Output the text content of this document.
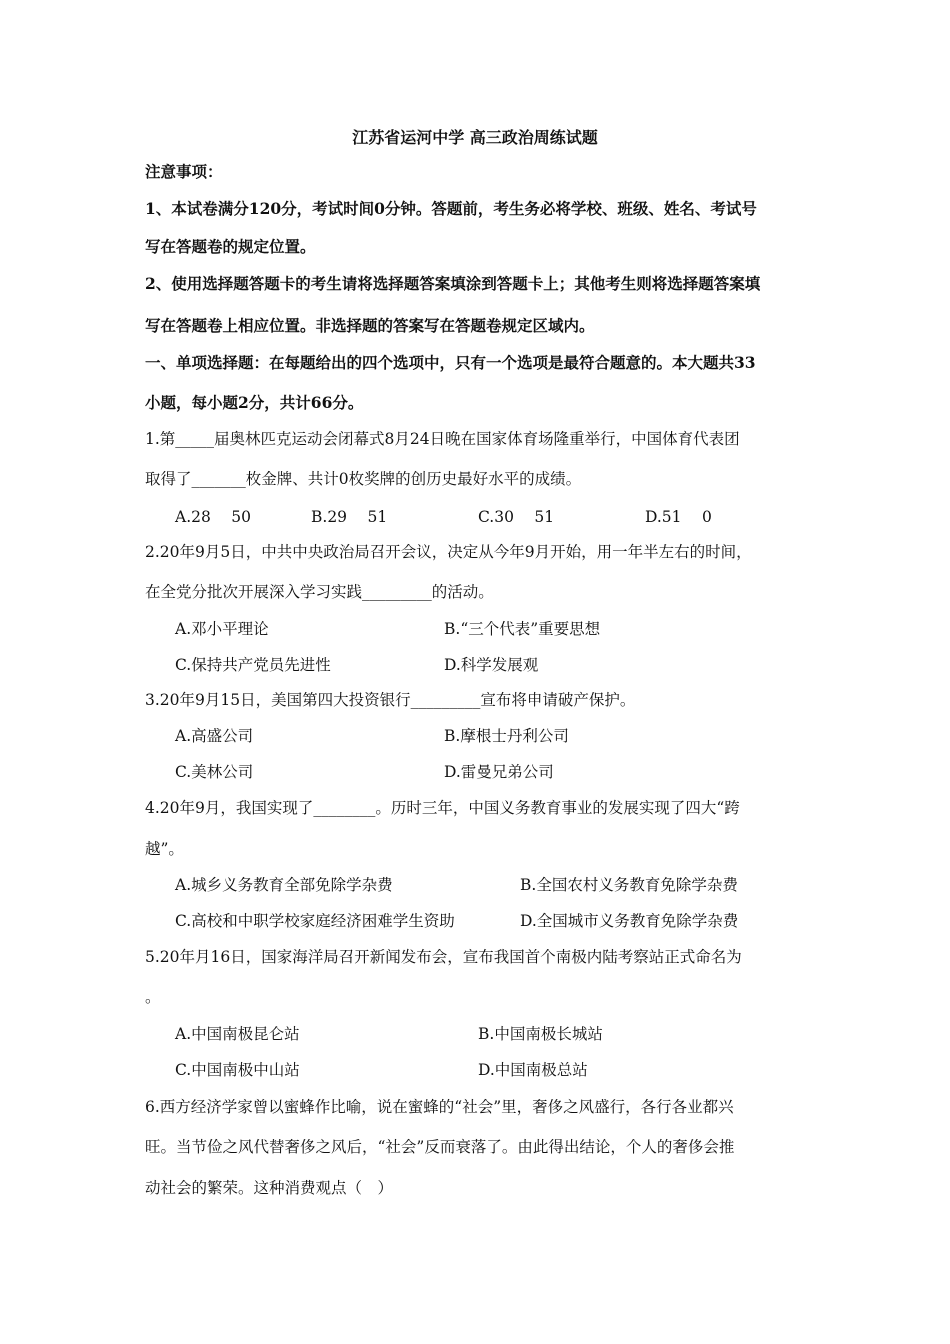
江苏省运河中学 高三政治周练试题
注意事项：
1、本试卷满分120分，考试时间0分钟。答题前，考生务必将学校、班级、姓名、考试号
写在答题卷的规定位置。
2、使用选择题答题卡的考生请将选择题答案填涂到答题卡上；其他考生则将选择题答案填
写在答题卷上相应位置。非选择题的答案写在答题卷规定区域内。
一、单项选择题：在每题给出的四个选项中，只有一个选项是最符合题意的。本大题共33
小题，每小题2分，共计66分。
1.第_____届奥林匹克运动会闭幕式8月24日晚在国家体育场隆重举行，中国体育代表团
取得了_______枚金牌、共计0枚奖牌的创历史最好水平的成绩。
A.28　 50	B.29　 51	C.30　 51	D.51　 0
2.20年9月5日，中共中央政治局召开会议，决定从今年9月开始，用一年半左右的时间，
在全党分批次开展深入学习实践_________的活动。
A.邓小平理论	B.“三个代表”重要思想
C.保持共产党员先进性	D.科学发展观
3.20年9月15日，美国第四大投资银行_________宣布将申请破产保护。
A.高盛公司	B.摩根士丹利公司
C.美林公司	D.雷曼兄弟公司
4.20年9月，我国实现了________。历时三年，中国义务教育事业的发展实现了四大“跨
越”。
A.城乡义务教育全部免除学杂费	B.全国农村义务教育免除学杂费
C.高校和中职学校家庭经济困难学生资助	D.全国城市义务教育免除学杂费
5.20年月16日，国家海洋局召开新闻发布会，宣布我国首个南极内陆考察站正式命名为
。
A.中国南极昆仑站	B.中国南极长城站
C.中国南极中山站	D.中国南极总站
6.西方经济学家曾以蜜蜂作比喻，说在蜜蜂的“社会”里，奢侈之风盛行，各行各业都兴
旺。当节俭之风代替奢侈之风后，“社会”反而衰落了。由此得出结论，个人的奢侈会推
动社会的繁荣。这种消费观点（　）
